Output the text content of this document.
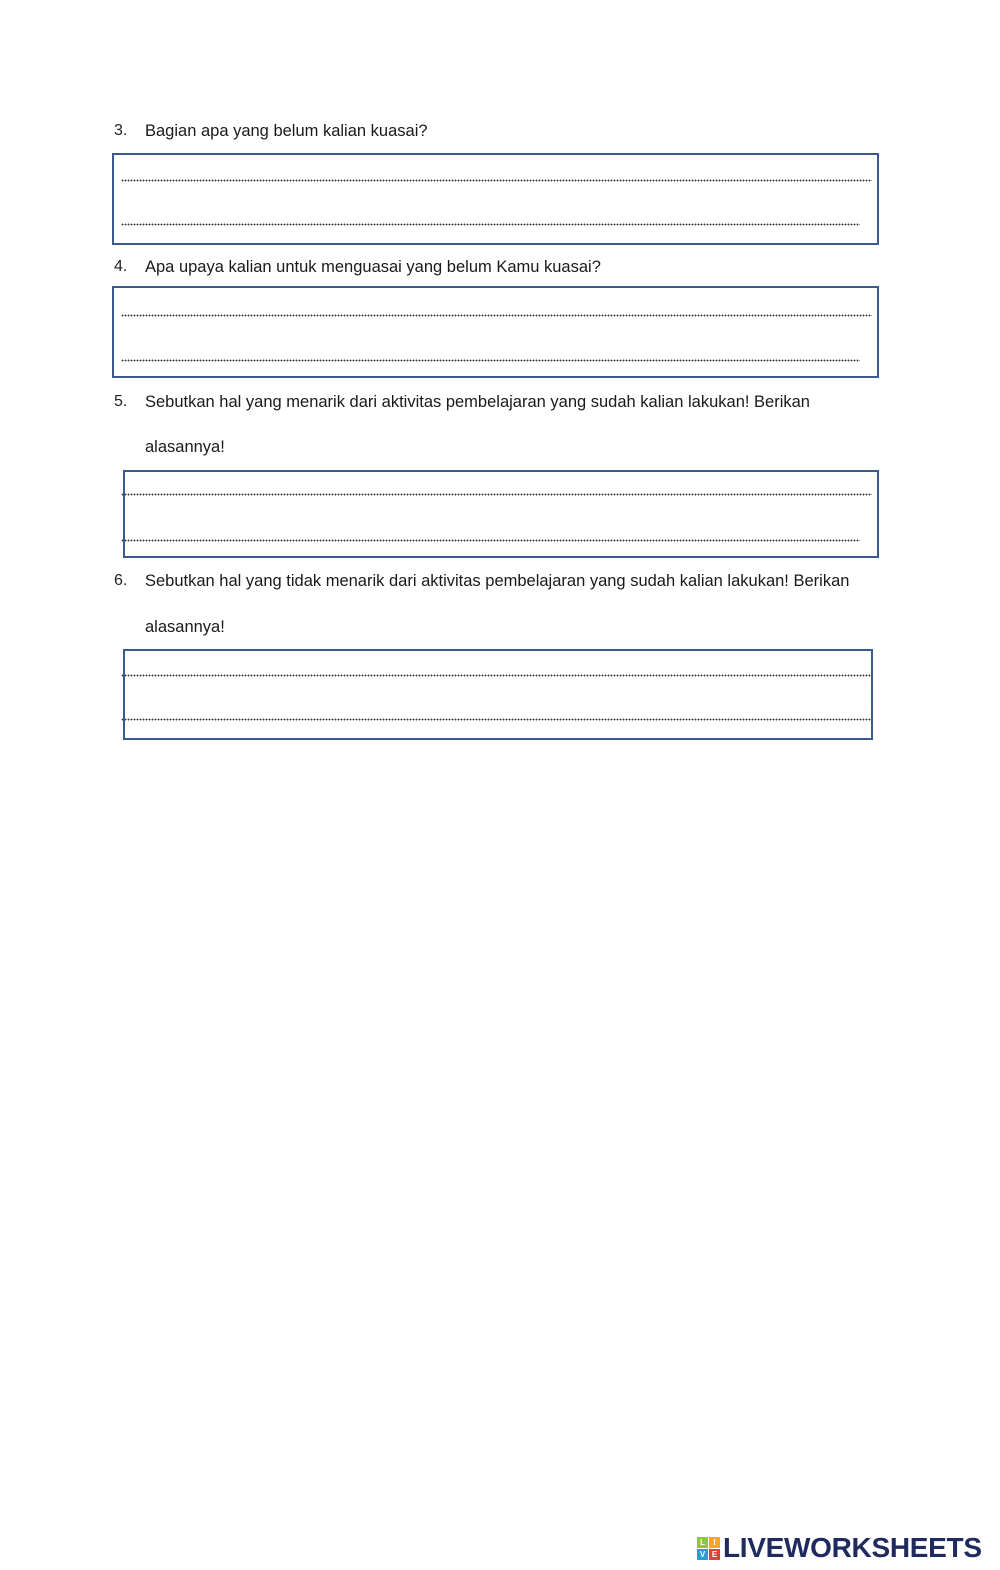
3. Bagian apa yang belum kalian kuasai?
4. Apa upaya kalian untuk menguasai yang belum Kamu kuasai?
5. Sebutkan hal yang menarik dari aktivitas pembelajaran yang sudah kalian lakukan! Berikan
alasannya!
6. Sebutkan hal yang tidak menarik dari aktivitas pembelajaran yang sudah kalian lakukan! Berikan
alasannya!
L	I
V E LIVEWORKSHEETS
